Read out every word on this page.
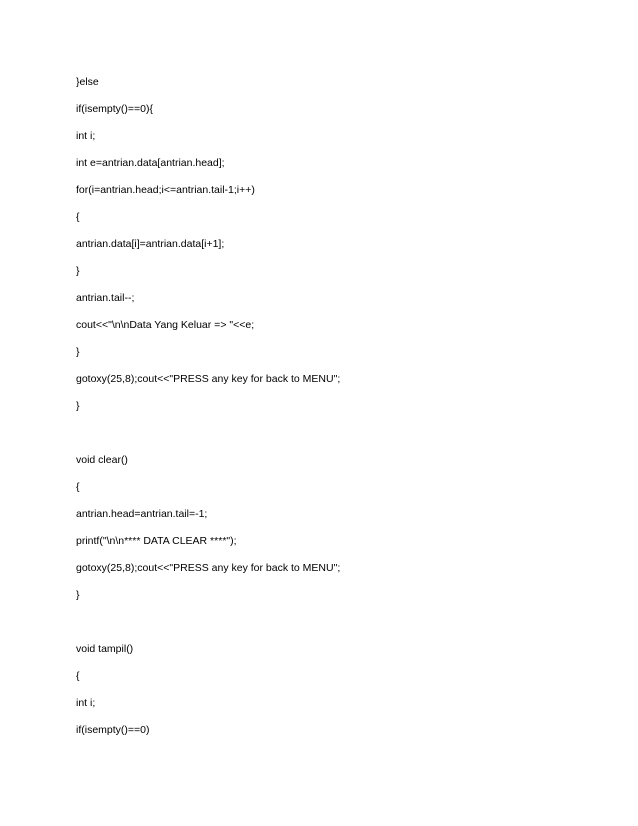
}else
if(isempty()==0){
int i;
int e=antrian.data[antrian.head];
for(i=antrian.head;i<=antrian.tail-1;i++)
{
antrian.data[i]=antrian.data[i+1];
}
antrian.tail--;
cout<<"\n\nData Yang Keluar => "<<e;
}
gotoxy(25,8);cout<<"PRESS any key for back to MENU";
}
void clear()
{
antrian.head=antrian.tail=-1;
printf("\n\n**** DATA CLEAR ****");
gotoxy(25,8);cout<<"PRESS any key for back to MENU";
}
void tampil()
{
int i;
if(isempty()==0)
